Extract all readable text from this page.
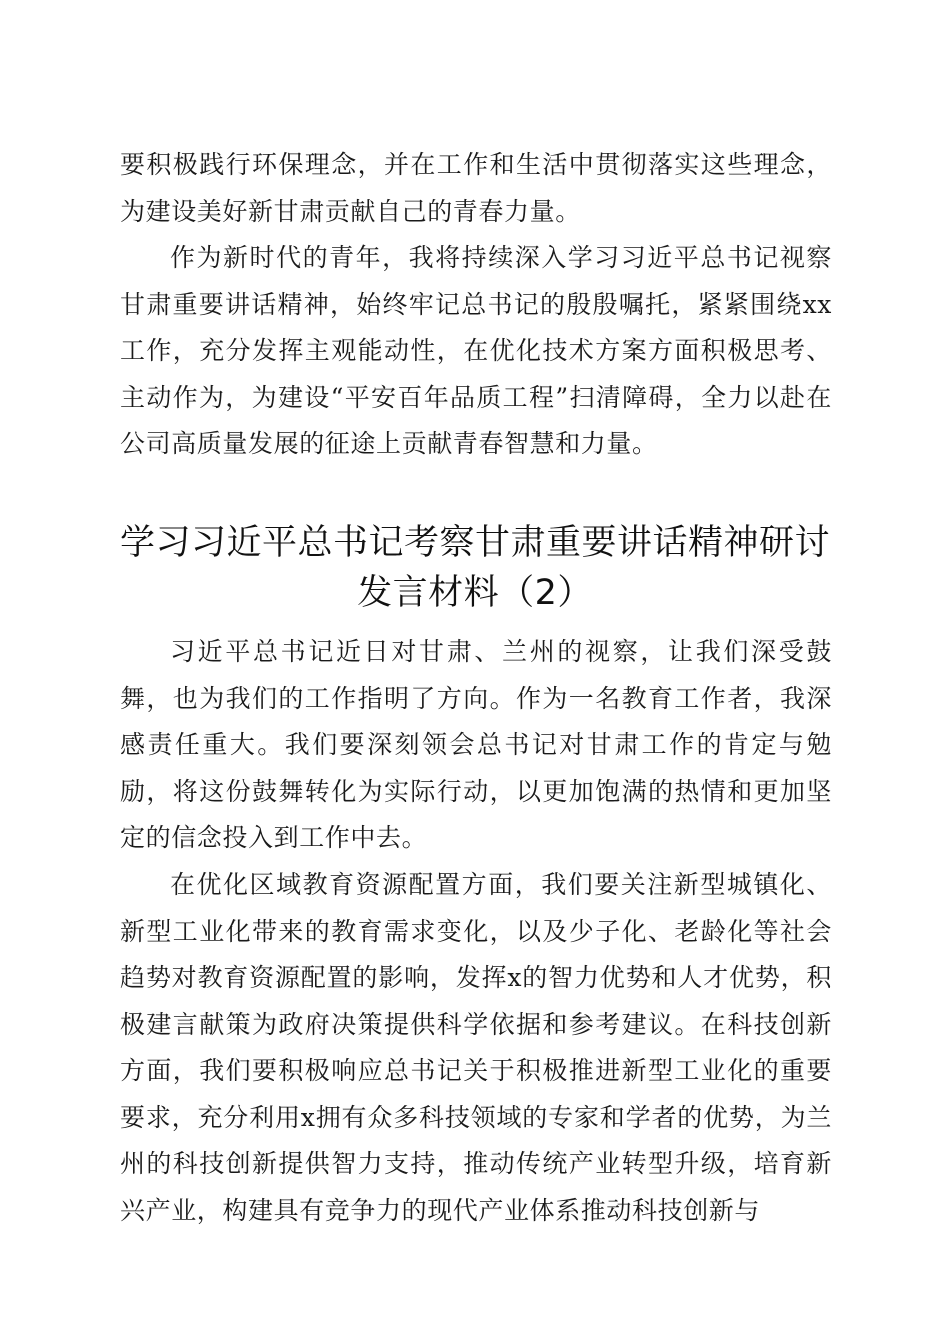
要积极践行环保理念，并在工作和生活中贯彻落实这些理念，为建设美好新甘肃贡献自己的青春力量。

作为新时代的青年，我将持续深入学习习近平总书记视察甘肃重要讲话精神，始终牢记总书记的殷殷嘱托，紧紧围绕xx工作，充分发挥主观能动性，在优化技术方案方面积极思考、主动作为，为建设“平安百年品质工程”扫清障碍，全力以赴在公司高质量发展的征途上贡献青春智慧和力量。

学习习近平总书记考察甘肃重要讲话精神研讨
发言材料（2）

习近平总书记近日对甘肃、兰州的视察，让我们深受鼓舞，也为我们的工作指明了方向。作为一名教育工作者，我深感责任重大。我们要深刻领会总书记对甘肃工作的肯定与勉励，将这份鼓舞转化为实际行动，以更加饱满的热情和更加坚定的信念投入到工作中去。

在优化区域教育资源配置方面，我们要关注新型城镇化、新型工业化带来的教育需求变化，以及少子化、老龄化等社会趋势对教育资源配置的影响，发挥x的智力优势和人才优势，积极建言献策为政府决策提供科学依据和参考建议。在科技创新方面，我们要积极响应总书记关于积极推进新型工业化的重要要求，充分利用x拥有众多科技领域的专家和学者的优势，为兰州的科技创新提供智力支持，推动传统产业转型升级，培育新兴产业，构建具有竞争力的现代产业体系推动科技创新与
